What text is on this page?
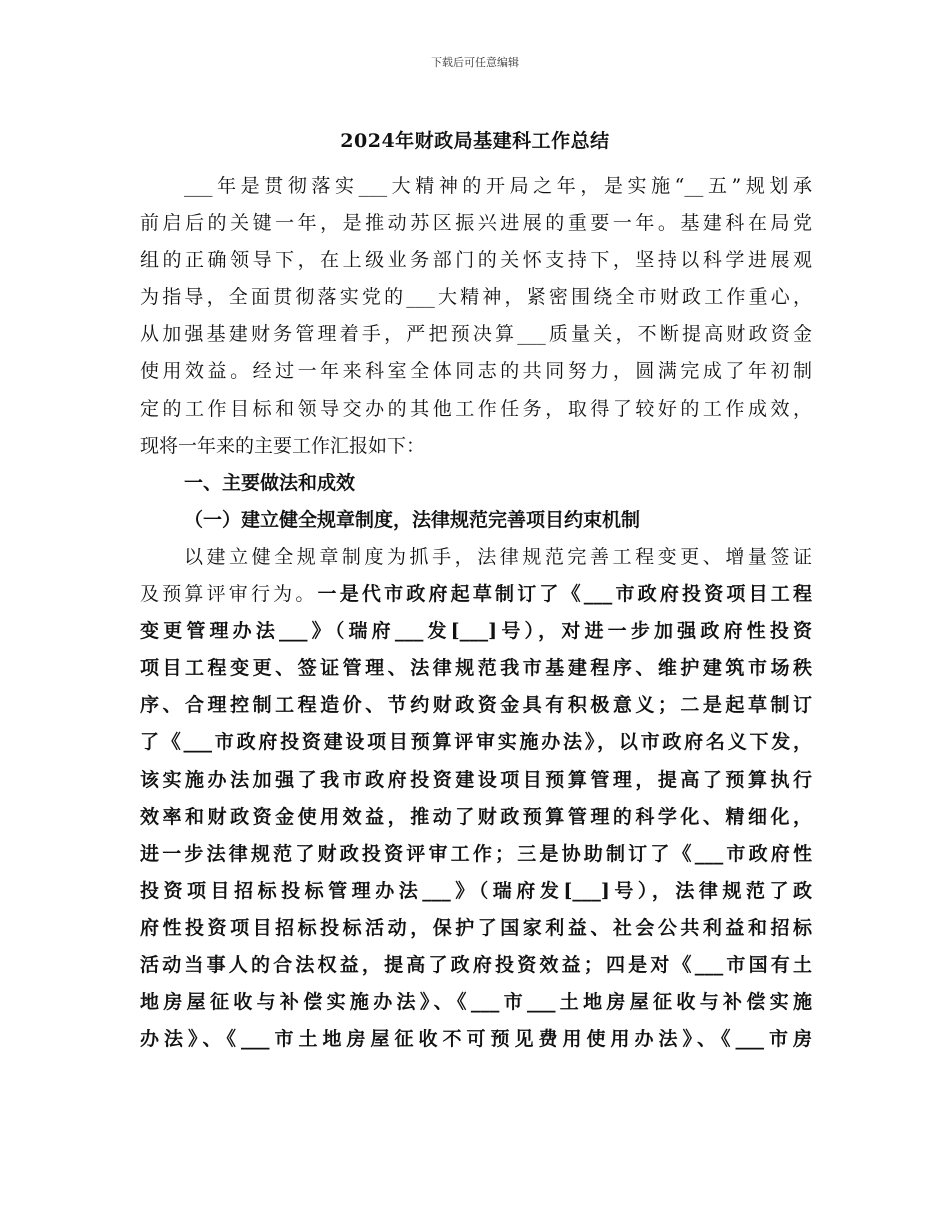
下载后可任意编辑
2024年财政局基建科工作总结
___年是贯彻落实___大精神的开局之年，是实施“__五”规划承
前启后的关键一年，是推动苏区振兴进展的重要一年。基建科在局党
组的正确领导下，在上级业务部门的关怀支持下，坚持以科学进展观
为指导，全面贯彻落实党的___大精神，紧密围绕全市财政工作重心，
从加强基建财务管理着手，严把预决算___质量关，不断提高财政资金
使用效益。经过一年来科室全体同志的共同努力，圆满完成了年初制
定的工作目标和领导交办的其他工作任务，取得了较好的工作成效，
现将一年来的主要工作汇报如下：
一、主要做法和成效
（一）建立健全规章制度，法律规范完善项目约束机制
以建立健全规章制度为抓手，法律规范完善工程变更、增量签证
及预算评审行为。一是代市政府起草制订了《___市政府投资项目工程
变更管理办法___》（瑞府___发[___]号），对进一步加强政府性投资
项目工程变更、签证管理、法律规范我市基建程序、维护建筑市场秩
序、合理控制工程造价、节约财政资金具有积极意义；二是起草制订
了《___市政府投资建设项目预算评审实施办法》，以市政府名义下发，
该实施办法加强了我市政府投资建设项目预算管理，提高了预算执行
效率和财政资金使用效益，推动了财政预算管理的科学化、精细化，
进一步法律规范了财政投资评审工作；三是协助制订了《___市政府性
投资项目招标投标管理办法___》（瑞府发[___]号），法律规范了政
府性投资项目招标投标活动，保护了国家利益、社会公共利益和招标
活动当事人的合法权益，提高了政府投资效益；四是对《___市国有土
地房屋征收与补偿实施办法》、《___市___土地房屋征收与补偿实施
办法》、《___市土地房屋征收不可预见费用使用办法》、《___市房
